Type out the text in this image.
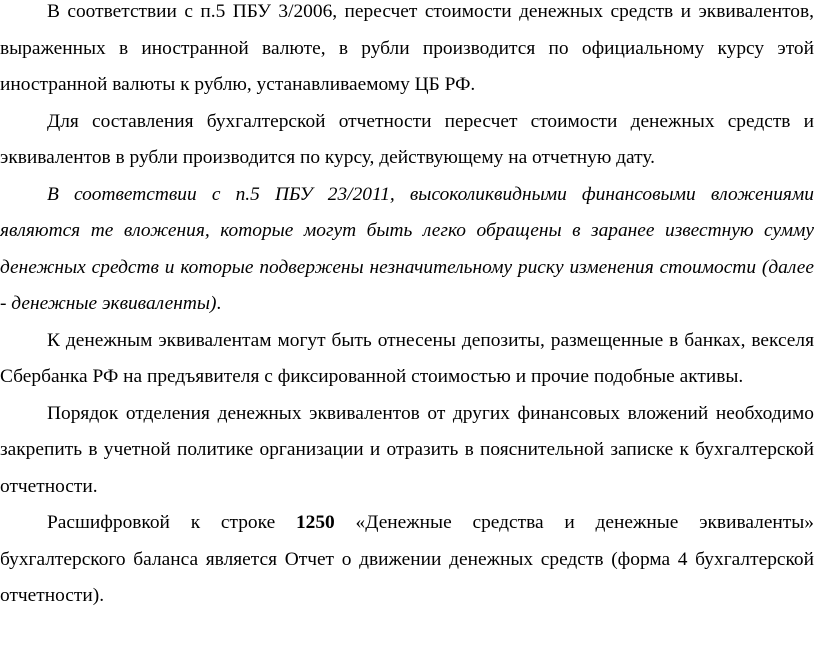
В соответствии с п.5 ПБУ 3/2006, пересчет стоимости денежных средств и эквивалентов, выраженных в иностранной валюте, в рубли производится по официальному курсу этой иностранной валюты к рублю, устанавливаемому ЦБ РФ.

Для составления бухгалтерской отчетности пересчет стоимости денежных средств и эквивалентов в рубли производится по курсу, действующему на отчетную дату.

В соответствии с п.5 ПБУ 23/2011, высоколиквидными финансовыми вложениями являются те вложения, которые могут быть легко обращены в заранее известную сумму денежных средств и которые подвержены незначительному риску изменения стоимости (далее - денежные эквиваленты).

К денежным эквивалентам могут быть отнесены депозиты, размещенные в банках, векселя Сбербанка РФ на предъявителя с фиксированной стоимостью и прочие подобные активы.

Порядок отделения денежных эквивалентов от других финансовых вложений необходимо закрепить в учетной политике организации и отразить в пояснительной записке к бухгалтерской отчетности.

Расшифровкой к строке 1250 «Денежные средства и денежные эквиваленты» бухгалтерского баланса является Отчет о движении денежных средств (форма 4 бухгалтерской отчетности).
